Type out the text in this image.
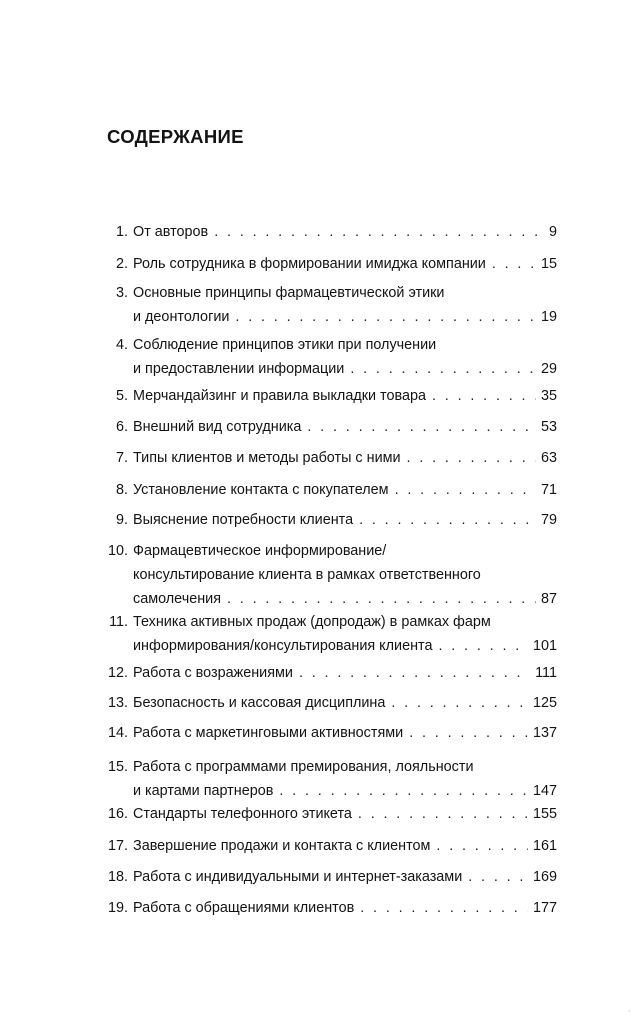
СОДЕРЖАНИЕ
1. От авторов . . .	9
2. Роль сотрудника в формировании имиджа компании . . .	15
3. Основные принципы фармацевтической этики
и деонтологии . . .	19
4. Соблюдение принципов этики при получении
и предоставлении информации . . .	29
5. Мерчандайзинг и правила выкладки товара . . .	35
6. Внешний вид сотрудника . . .	53
7. Типы клиентов и методы работы с ними . . .	63
8. Установление контакта с покупателем . . .	71
9. Выяснение потребности клиента . . .	79
10. Фармацевтическое информирование/
консультирование клиента в рамках ответственного
самолечения . . .	87
11. Техника активных продаж (допродаж) в рамках фарм
информирования/консультирования клиента . . .	101
12. Работа с возражениями . . .	111
13. Безопасность и кассовая дисциплина . . .	125
14. Работа с маркетинговыми активностями . . .	137
15. Работа с программами премирования, лояльности
и картами партнеров . . .	147
16. Стандарты телефонного этикета . . .	155
17. Завершение продажи и контакта с клиентом . . .	161
18. Работа с индивидуальными и интернет-заказами . . .	169
19. Работа с обращениями клиентов . . .	177
·
